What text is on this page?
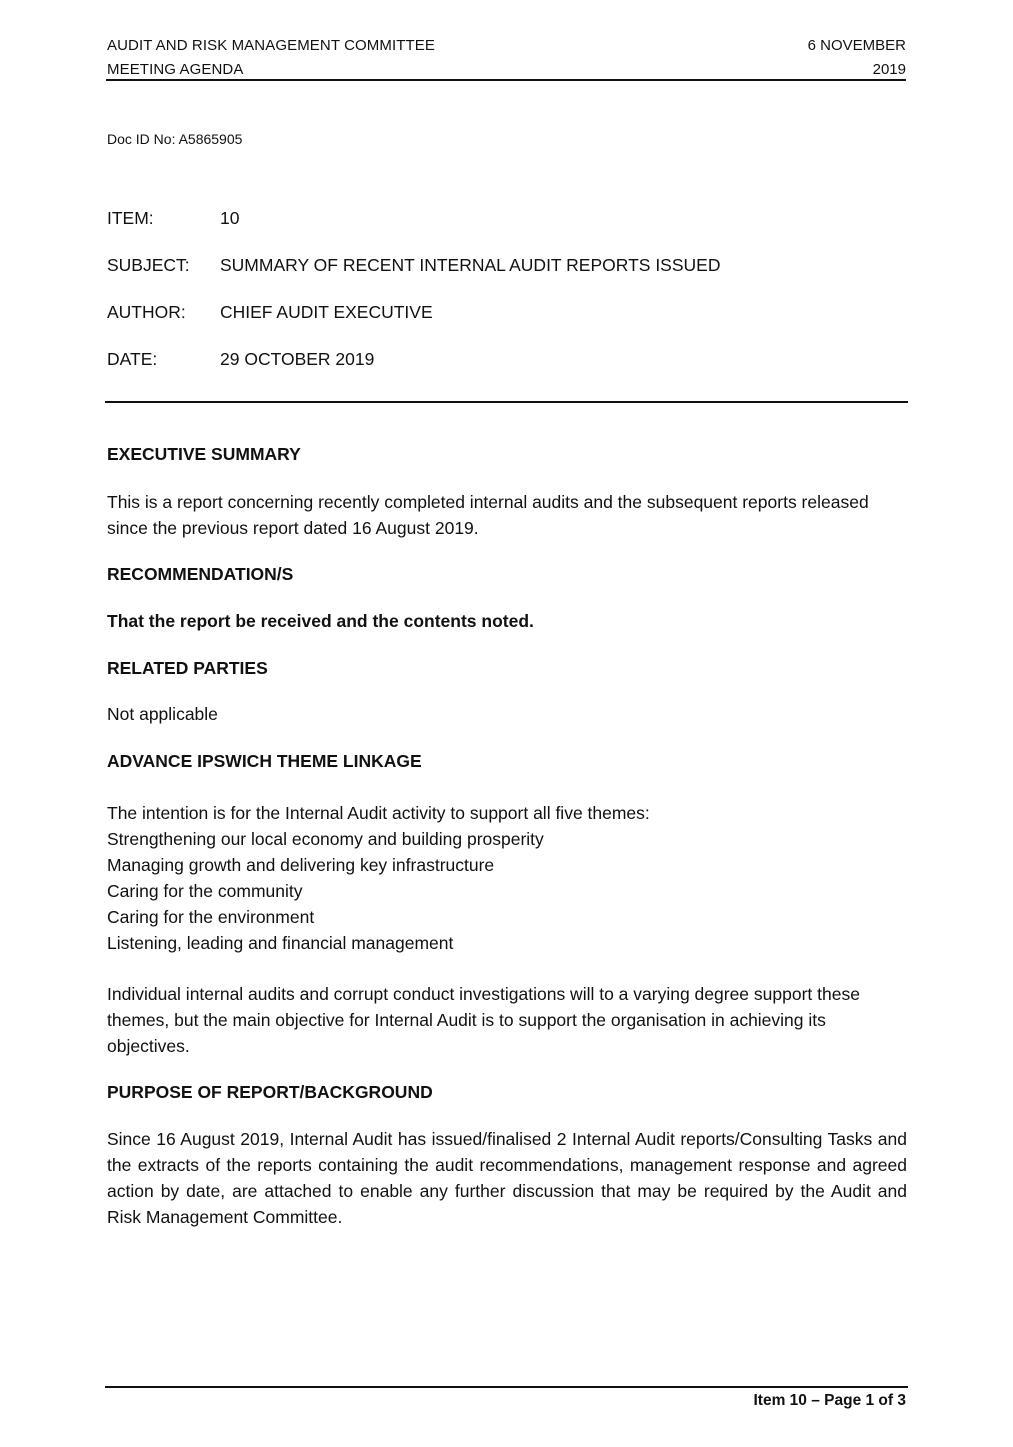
AUDIT AND RISK MANAGEMENT COMMITTEE
MEETING AGENDA
6 NOVEMBER
2019
Doc ID No: A5865905
ITEM:	10
SUBJECT:	SUMMARY OF RECENT INTERNAL AUDIT REPORTS ISSUED
AUTHOR:	CHIEF AUDIT EXECUTIVE
DATE:	29 OCTOBER 2019
EXECUTIVE SUMMARY
This is a report concerning recently completed internal audits and the subsequent reports released since the previous report dated 16 August 2019.
RECOMMENDATION/S
That the report be received and the contents noted.
RELATED PARTIES
Not applicable
ADVANCE IPSWICH THEME LINKAGE
The intention is for the Internal Audit activity to support all five themes:
Strengthening our local economy and building prosperity
Managing growth and delivering key infrastructure
Caring for the community
Caring for the environment
Listening, leading and financial management
Individual internal audits and corrupt conduct investigations will to a varying degree support these themes, but the main objective for Internal Audit is to support the organisation in achieving its objectives.
PURPOSE OF REPORT/BACKGROUND
Since 16 August 2019, Internal Audit has issued/finalised 2 Internal Audit reports/Consulting Tasks and the extracts of the reports containing the audit recommendations, management response and agreed action by date, are attached to enable any further discussion that may be required by the Audit and Risk Management Committee.
Item 10 – Page 1 of 3
